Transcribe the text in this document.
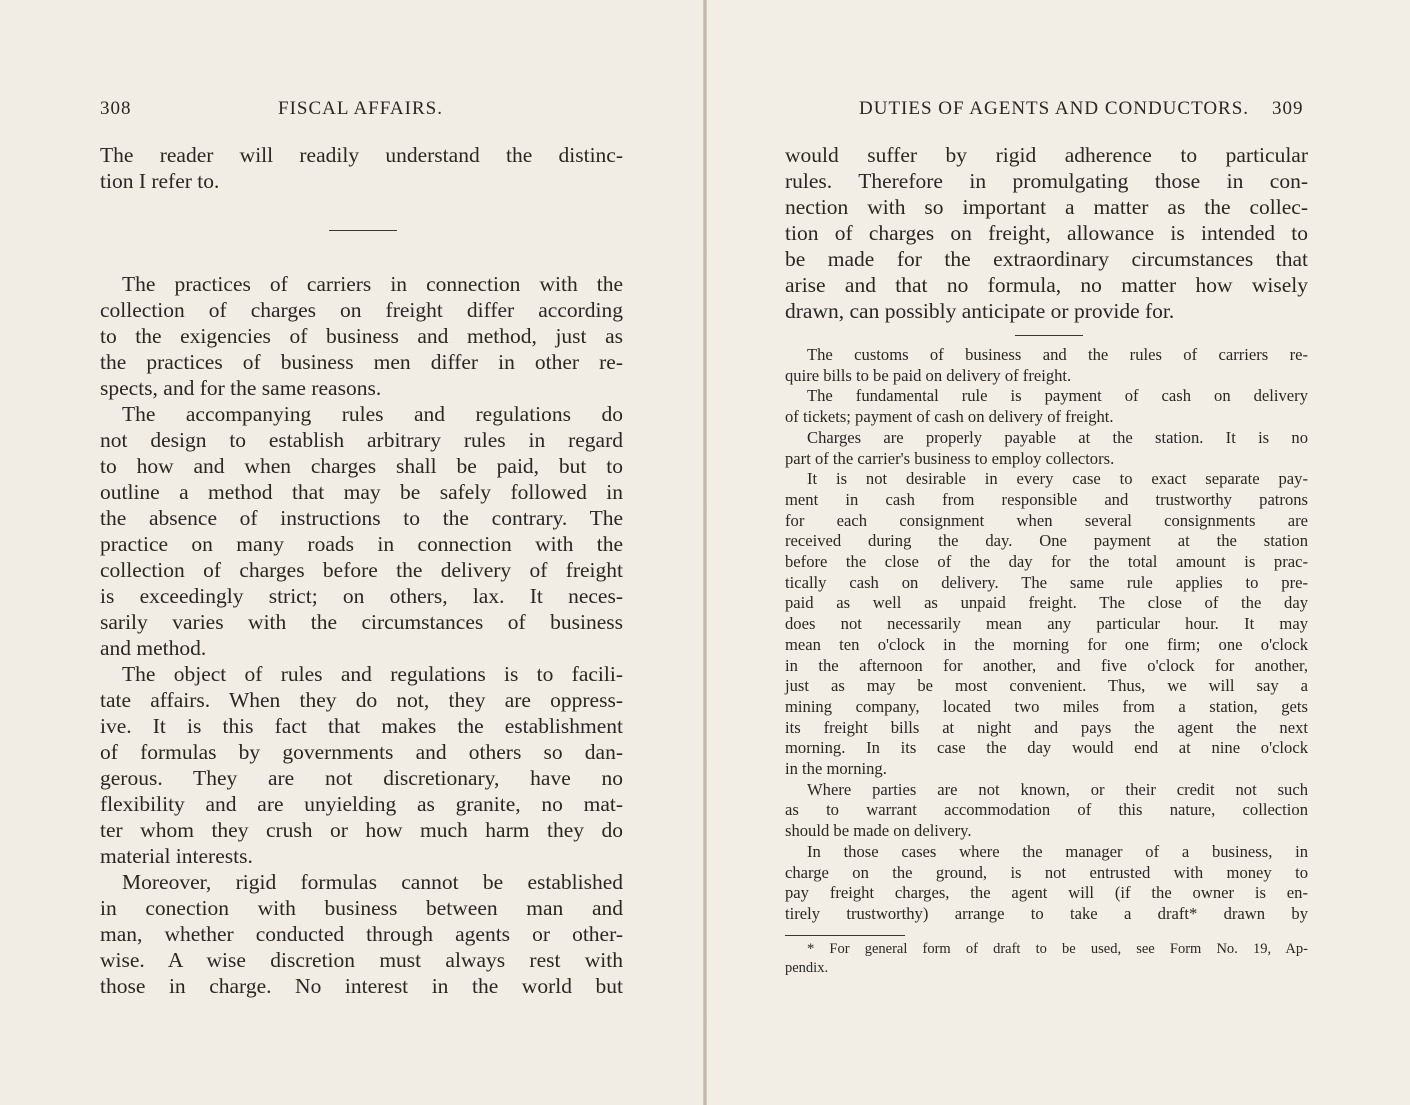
308	FISCAL AFFAIRS.

The reader will readily understand the distinc-
tion I refer to.

The practices of carriers in connection with the
collection of charges on freight differ according
to the exigencies of business and method, just as
the practices of business men differ in other re-
spects, and for the same reasons.

The accompanying rules and regulations do
not design to establish arbitrary rules in regard
to how and when charges shall be paid, but to
outline a method that may be safely followed in
the absence of instructions to the contrary. The
practice on many roads in connection with the
collection of charges before the delivery of freight
is exceedingly strict; on others, lax. It neces-
sarily varies with the circumstances of business
and method.

The object of rules and regulations is to facili-
tate affairs. When they do not, they are oppress-
ive. It is this fact that makes the establishment
of formulas by governments and others so dan-
gerous. They are not discretionary, have no
flexibility and are unyielding as granite, no mat-
ter whom they crush or how much harm they do
material interests.

Moreover, rigid formulas cannot be established
in conection with business between man and
man, whether conducted through agents or other-
wise. A wise discretion must always rest with
those in charge. No interest in the world but

DUTIES OF AGENTS AND CONDUCTORS. 309

would suffer by rigid adherence to particular
rules. Therefore in promulgating those in con-
nection with so important a matter as the collec-
tion of charges on freight, allowance is intended to
be made for the extraordinary circumstances that
arise and that no formula, no matter how wisely
drawn, can possibly anticipate or provide for.

The customs of business and the rules of carriers re-
quire bills to be paid on delivery of freight.

The fundamental rule is payment of cash on delivery
of tickets; payment of cash on delivery of freight.

Charges are properly payable at the station. It is no
part of the carrier's business to employ collectors.

It is not desirable in every case to exact separate pay-
ment in cash from responsible and trustworthy patrons
for each consignment when several consignments are
received during the day. One payment at the station
before the close of the day for the total amount is prac-
tically cash on delivery. The same rule applies to pre-
paid as well as unpaid freight. The close of the day
does not necessarily mean any particular hour. It may
mean ten o'clock in the morning for one firm; one o'clock
in the afternoon for another, and five o'clock for another,
just as may be most convenient. Thus, we will say a
mining company, located two miles from a station, gets
its freight bills at night and pays the agent the next
morning. In its case the day would end at nine o'clock
in the morning.

Where parties are not known, or their credit not such
as to warrant accommodation of this nature, collection
should be made on delivery.

In those cases where the manager of a business, in
charge on the ground, is not entrusted with money to
pay freight charges, the agent will (if the owner is en-
tirely trustworthy) arrange to take a draft* drawn by

* For general form of draft to be used, see Form No. 19, Ap-
pendix.
